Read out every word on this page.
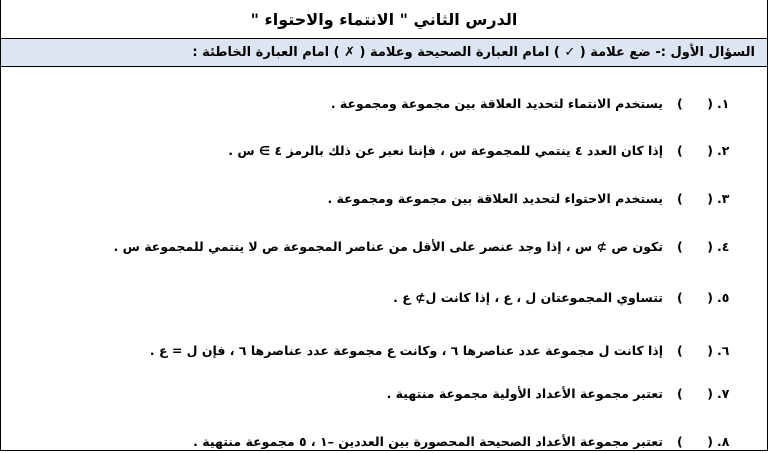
الدرس الثاني " الانتماء والاحتواء "
السؤال الأول :- ضع علامة ( ✓ ) امام العبارة الصحيحة وعلامة ( ✗ ) امام العبارة الخاطئة :
١.
(
)
يستخدم الانتماء لتحديد العلاقة بين مجموعة ومجموعة .
٢.
(
)
إذا كان العدد ٤ ينتمي للمجموعة س ، فإننا نعبر عن ذلك بالرمز ٤ ∋ س .
٣.
(
)
يستخدم الاحتواء لتحديد العلاقة بين مجموعة ومجموعة .
٤.
(
)
تكون ص ⊅ س ، إذا وجد عنصر على الأقل من عناصر المجموعة ص لا ينتمي للمجموعة س .
٥.
(
)
تتساوي المجموعتان ل ، ع ، إذا كانت ل⊅ ع .
٦.
(
)
إذا كانت ل مجموعة عدد عناصرها ٦ ، وكانت ع مجموعة عدد عناصرها ٦ ، فإن ل = ع .
٧.
(
)
تعتبر مجموعة الأعداد الأولية مجموعة منتهية .
٨.
(
)
تعتبر مجموعة الأعداد الصحيحة المحصورة بين العددين –١ ، ٥ مجموعة منتهية .
